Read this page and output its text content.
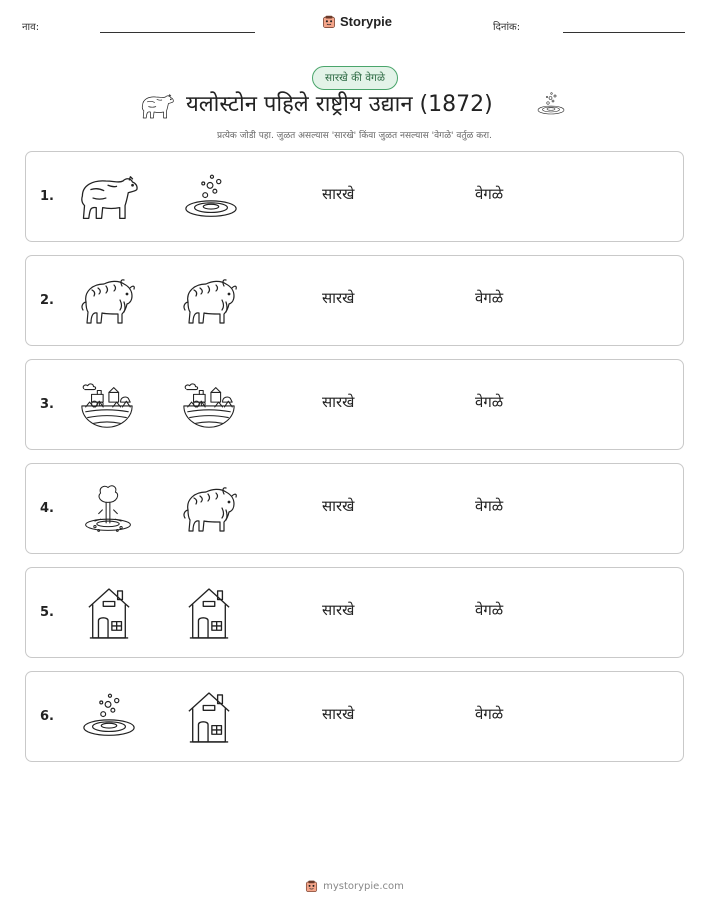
नाव:	Storypie	दिनांक:
सारखे की वेगळे
यलोस्टोन पहिले राष्ट्रीय उद्यान (1872)
प्रत्येक जोडी पहा. जुळत असल्यास 'सारखे' किंवा जुळत नसल्यास 'वेगळे' वर्तुळ करा.
1.	सारखे	वेगळे
2.	सारखे	वेगळे
3.	सारखे	वेगळे
4.	सारखे	वेगळे
5.	सारखे	वेगळे
6.	सारखे	वेगळे
mystorypie.com
